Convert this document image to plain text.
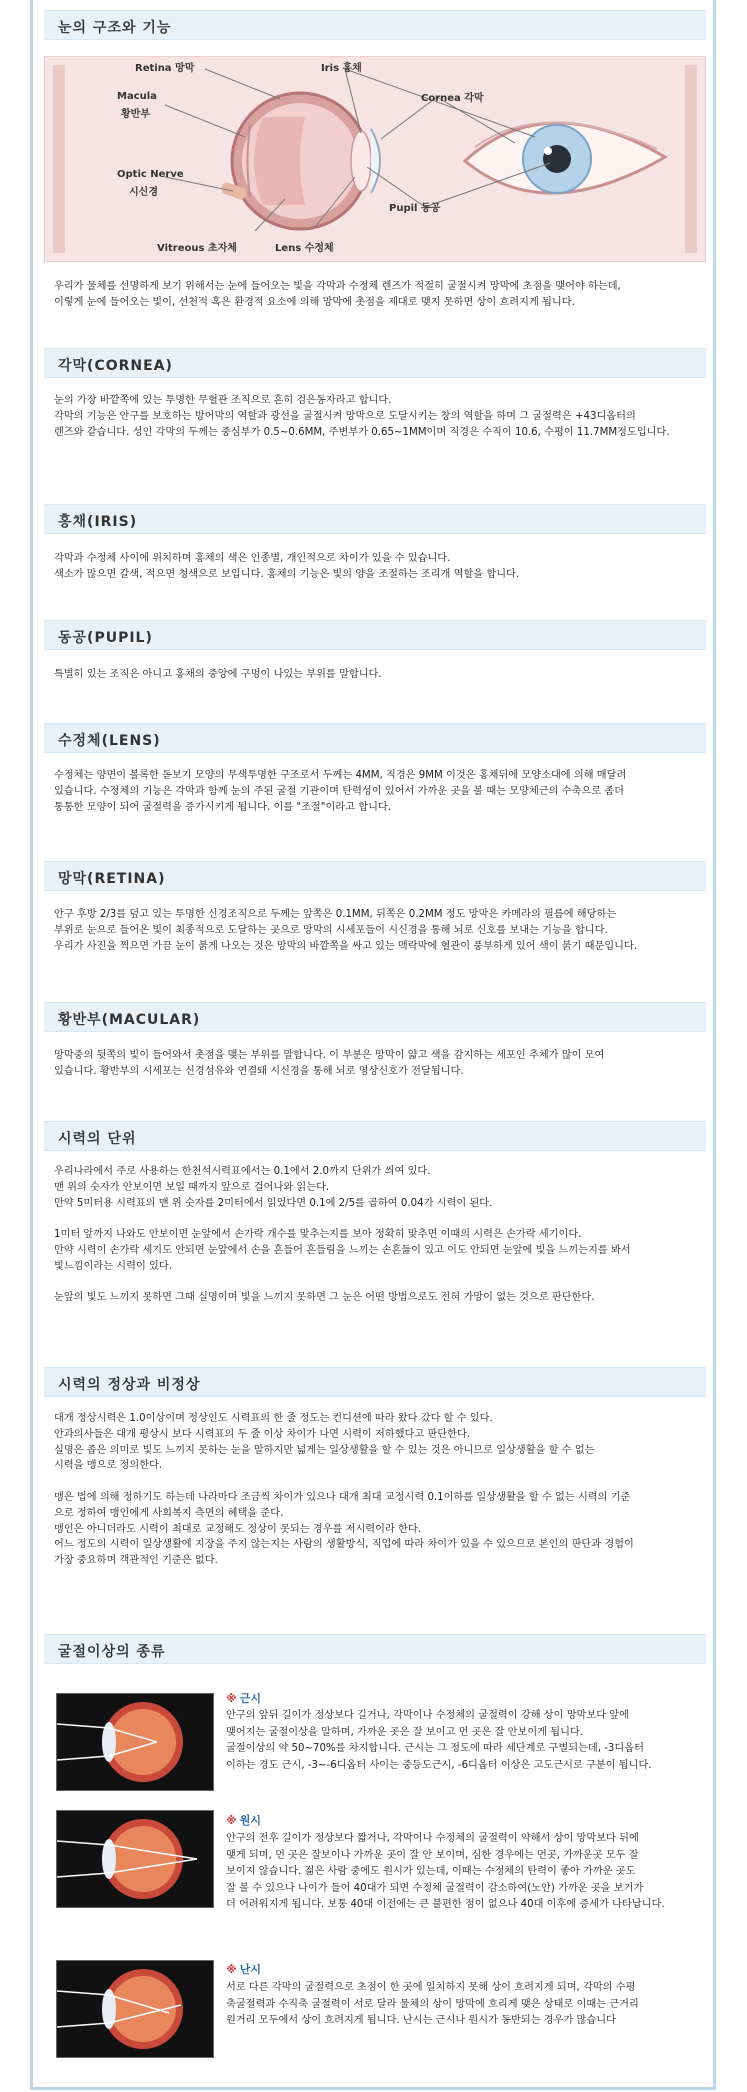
눈의 구조와 기능
Retina 망막
Macula
황반부
Optic Nerve
시신경
Vitreous 초자체	Lens 수정체
Iris 홍채
Cornea 각막
Pupil 동공
우리가 물체를 선명하게 보기 위해서는 눈에 들어오는 빛을 각막과 수정체 렌즈가 적절히 굴절시켜 망막에 초점을 맺어야 하는데,
이렇게 눈에 들어오는 빛이, 선천적 혹은 환경적 요소에 의해 망막에 촛점을 제대로 맺지 못하면 상이 흐려지게 됩니다.
각막(CORNEA)
눈의 가장 바깥쪽에 있는 투명한 무혈관 조직으로 흔히 검은동자라고 합니다.
각막의 기능은 안구를 보호하는 방어막의 역할과 광선을 굴절시켜 망막으로 도달시키는 창의 역할을 하며 그 굴절력은 +43디옵터의
렌즈와 같습니다. 성인 각막의 두께는 중심부가 0.5~0.6MM, 주변부가 0.65~1MM이며 직경은 수직이 10.6, 수평이 11.7MM정도입니다.
홍채(IRIS)
각막과 수정체 사이에 위치하며 홍채의 색은 인종별, 개인적으로 차이가 있을 수 있습니다.
색소가 많으면 갈색, 적으면 청색으로 보입니다. 홍채의 기능은 빛의 양을 조절하는 조리개 역할을 합니다.
동공(PUPIL)
특별히 있는 조직은 아니고 홍채의 중앙에 구멍이 나있는 부위를 말합니다.
수정체(LENS)
수정체는 양면이 볼록한 돋보기 모양의 무색투명한 구조로서 두께는 4MM, 직경은 9MM 이것은 홍채뒤에 모양소대에 의해 매달려
있습니다. 수정체의 기능은 각막과 함께 눈의 주된 굴절 기관이며 탄력성이 있어서 가까운 곳을 볼 때는 모양체근의 수축으로 좀더
통통한 모양이 되어 굴절력을 증가시키게 됩니다. 이를 "조절"이라고 합니다.
망막(RETINA)
안구 후방 2/3를 덮고 있는 투명한 신경조직으로 두께는 앞쪽은 0.1MM, 뒤쪽은 0.2MM 정도 망막은 카메라의 필름에 해당하는
부위로 눈으로 들어온 빛이 최종적으로 도달하는 곳으로 망막의 시세포들이 시신경을 통해 뇌로 신호를 보내는 기능을 합니다.
우리가 사진을 찍으면 가끔 눈이 붉게 나오는 것은 망막의 바깥쪽을 싸고 있는 맥락막에 혈관이 풍부하게 있어 색이 붉기 때문입니다.
황반부(MACULAR)
망막중의 뒷쪽의 빛이 들어와서 촛점을 맺는 부위를 말합니다. 이 부분은 망막이 얇고 색을 감지하는 세포인 추체가 많이 모여
있습니다. 황반부의 시세포는 신경섬유와 연결돼 시신경을 통해 뇌로 영상신호가 전달됩니다.
시력의 단위
우리나라에서 주로 사용하는 한천석시력표에서는 0.1에서 2.0까지 단위가 씌여 있다.
맨 위의 숫자가 안보이면 보일 때까지 앞으로 걸어나와 읽는다.
만약 5미터용 시력표의 맨 위 숫자를 2미터에서 읽었다면 0.1에 2/5를 곱하여 0.04가 시력이 된다.

1미터 앞까지 나와도 안보이면 눈앞에서 손가락 개수를 맞추는지를 보아 정확히 맞추면 이때의 시력은 손가락 세기이다.
만약 시력이 손가락 세기도 안되면 눈앞에서 손을 흔들어 흔들림을 느끼는 손흔듦이 있고 이도 안되면 눈앞에 빛을 느끼는지를 봐서
빛느낌이라는 시력이 있다.

눈앞의 빛도 느끼지 못하면 그때 실명이며 빛을 느끼지 못하면 그 눈은 어떤 방법으로도 전혀 가망이 없는 것으로 판단한다.
시력의 정상과 비정상
대개 정상시력은 1.0이상이며 정상인도 시력표의 한 줄 정도는 컨디션에 따라 왔다 갔다 할 수 있다.
안과의사들은 대개 평상시 보다 시력표의 두 줄 이상 차이가 나면 시력이 저하했다고 판단한다.
실명은 좁은 의미로 빛도 느끼지 못하는 눈을 말하지만 넓게는 일상생활을 할 수 있는 것은 아니므로 일상생활을 할 수 없는
시력을 맹으로 정의한다.

맹은 법에 의해 정하기도 하는데 나라마다 조금씩 차이가 있으나 대개 최대 교정시력 0.1이하를 일상생활을 할 수 없는 시력의 기준
으로 정하여 맹인에게 사회복지 측면의 혜택을 준다.
맹인은 아니더라도 시력이 최대로 교정해도 정상이 못되는 경우를 저시력이라 한다.
어느 정도의 시력이 일상생활에 지장을 주지 않는지는 사람의 생활방식, 직업에 따라 차이가 있을 수 있으므로 본인의 판단과 경험이
가장 중요하며 객관적인 기준은 없다.
굴절이상의 종류
※ 근시
안구의 앞뒤 길이가 정상보다 길거나, 각막이나 수정체의 굴절력이 강해 상이 망막보다 앞에
맺어지는 굴절이상을 말하며, 가까운 곳은 잘 보이고 먼 곳은 잘 안보이게 됩니다.
굴절이상의 약 50~70%를 차지합니다. 근시는 그 정도에 따라 세단계로 구별되는데, -3디옵터
이하는 경도 근시, -3~-6디옵터 사이는 중등도근시, -6디옵터 이상은 고도근시로 구분이 됩니다.
※ 원시
안구의 전후 길이가 정상보다 짧거나, 각막이나 수정체의 굴절력이 약해서 상이 망막보다 뒤에
맺게 되며, 먼 곳은 잘보이나 가까운 곳이 잘 안 보이며, 심한 경우에는 먼곳, 가까운곳 모두 잘
보이지 않습니다. 젊은 사람 중에도 원시가 있는데, 이때는 수정체의 탄력이 좋아 가까운 곳도
잘 볼 수 있으나 나이가 들어 40대가 되면 수정체 굴절력이 감소하여(노안) 가까운 곳을 보기가
더 어려워지게 됩니다. 보통 40대 이전에는 큰 불편한 점이 없으나 40대 이후에 증세가 나타납니다.
※ 난시
서로 다른 각막의 굴절력으로 초점이 한 곳에 일치하지 못해 상이 흐려지게 되며, 각막의 수평
축굴절력과 수직축 굴절력이 서로 달라 물체의 상이 망막에 흐리게 맺은 상태로 이때는 근거리
원거리 모두에서 상이 흐려지게 됩니다. 난시는 근시나 원시가 동반되는 경우가 많습니다
